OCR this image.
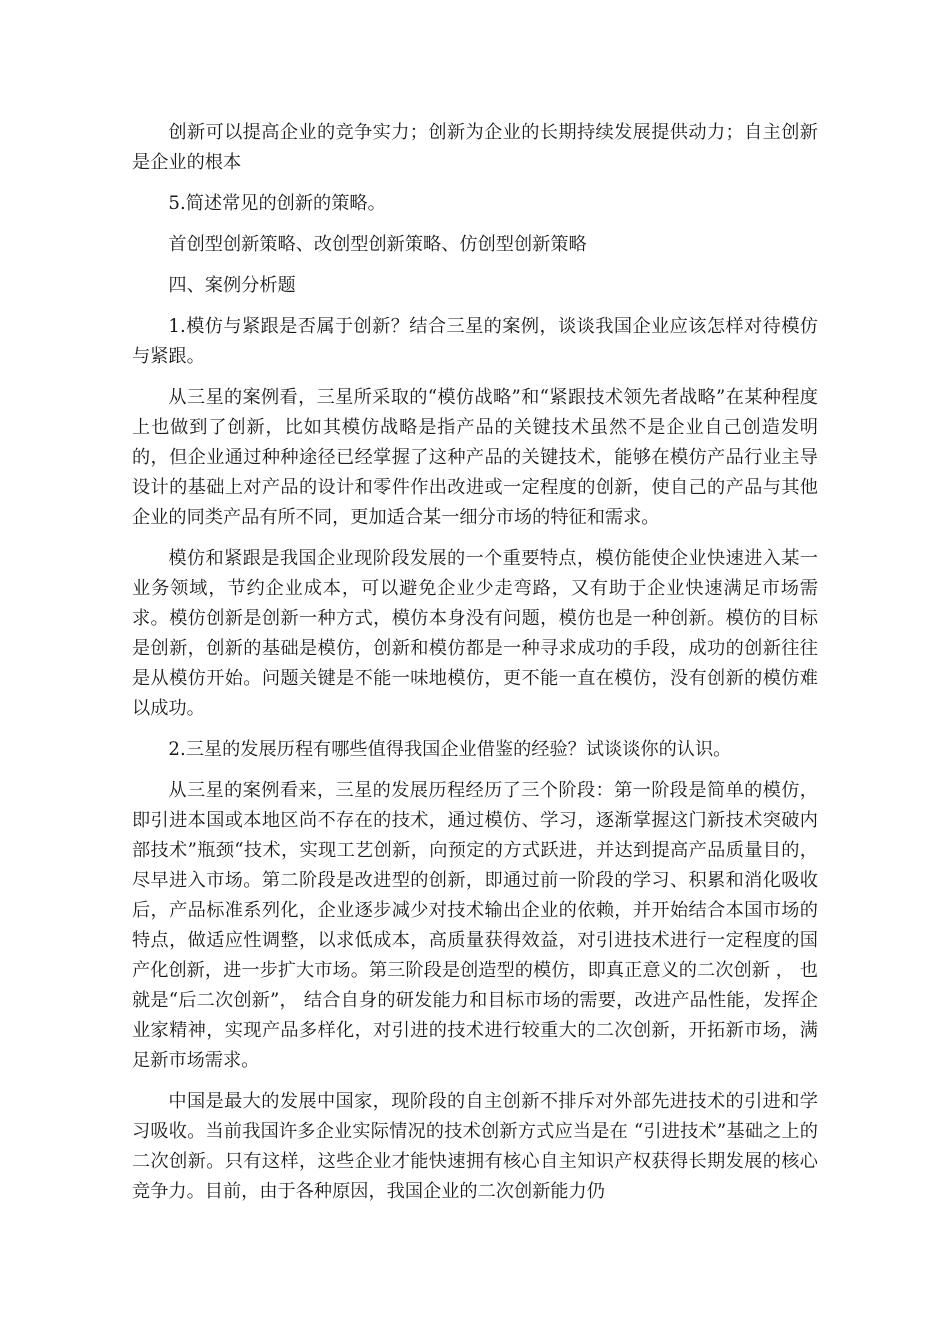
创新可以提高企业的竞争实力；创新为企业的长期持续发展提供动力；自主创新是企业的根本

5.简述常见的创新的策略。

首创型创新策略、改创型创新策略、仿创型创新策略

四、案例分析题

1.模仿与紧跟是否属于创新？结合三星的案例，谈谈我国企业应该怎样对待模仿与紧跟。

从三星的案例看，三星所采取的“模仿战略”和“紧跟技术领先者战略”在某种程度上也做到了创新，比如其模仿战略是指产品的关键技术虽然不是企业自己创造发明的，但企业通过种种途径已经掌握了这种产品的关键技术，能够在模仿产品行业主导设计的基础上对产品的设计和零件作出改进或一定程度的创新，使自己的产品与其他企业的同类产品有所不同，更加适合某一细分市场的特征和需求。

模仿和紧跟是我国企业现阶段发展的一个重要特点，模仿能使企业快速进入某一业务领域，节约企业成本，可以避免企业少走弯路，又有助于企业快速满足市场需求。模仿创新是创新一种方式，模仿本身没有问题，模仿也是一种创新。模仿的目标是创新，创新的基础是模仿，创新和模仿都是一种寻求成功的手段，成功的创新往往是从模仿开始。问题关键是不能一味地模仿，更不能一直在模仿，没有创新的模仿难以成功。

2.三星的发展历程有哪些值得我国企业借鉴的经验？试谈谈你的认识。

从三星的案例看来，三星的发展历程经历了三个阶段：第一阶段是简单的模仿，即引进本国或本地区尚不存在的技术，通过模仿、学习，逐渐掌握这门新技术突破内部技术”瓶颈“技术，实现工艺创新，向预定的方式跃进，并达到提高产品质量目的，尽早进入市场。第二阶段是改进型的创新，即通过前一阶段的学习、积累和消化吸收后，产品标准系列化，企业逐步减少对技术输出企业的依赖，并开始结合本国市场的特点，做适应性调整，以求低成本，高质量获得效益，对引进技术进行一定程度的国产化创新，进一步扩大市场。第三阶段是创造型的模仿，即真正意义的二次创新 ， 也就是“后二次创新”， 结合自身的研发能力和目标市场的需要，改进产品性能，发挥企业家精神，实现产品多样化，对引进的技术进行较重大的二次创新，开拓新市场，满足新市场需求。

中国是最大的发展中国家，现阶段的自主创新不排斥对外部先进技术的引进和学习吸收。当前我国许多企业实际情况的技术创新方式应当是在 “引进技术”基础之上的二次创新。只有这样，这些企业才能快速拥有核心自主知识产权获得长期发展的核心竞争力。目前，由于各种原因，我国企业的二次创新能力仍
